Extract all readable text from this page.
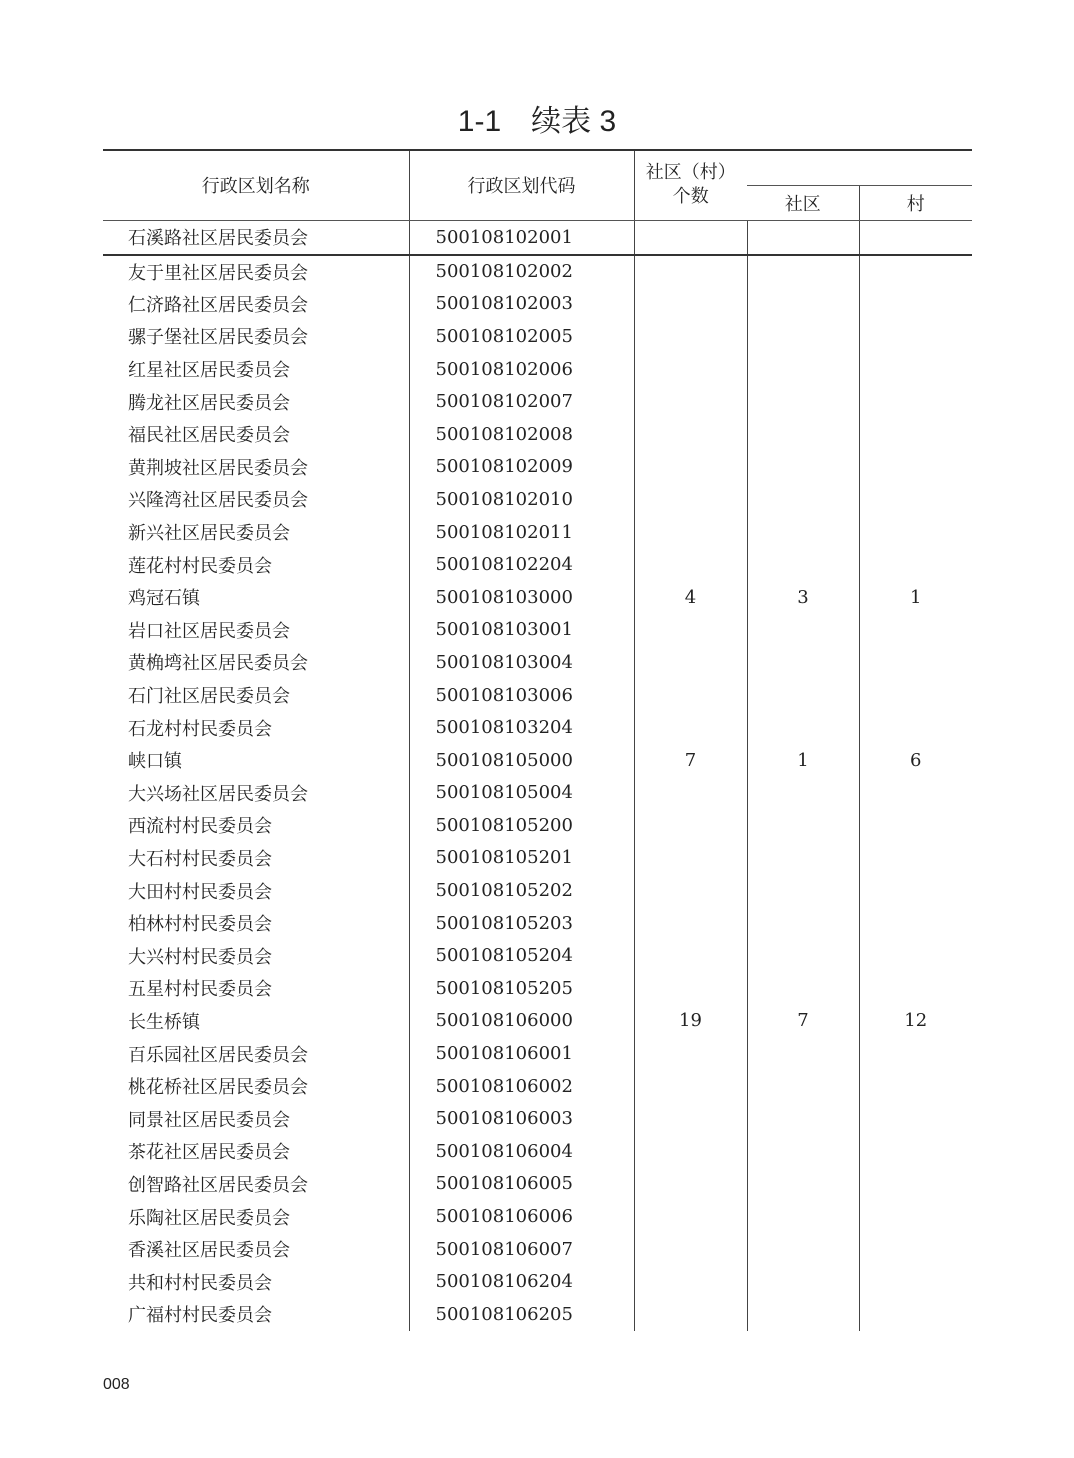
1-1　续表 3
行政区划名称	行政区划代码	社区（村）个数		

			社区	村
石溪路社区居民委员会	500108102001			
友于里社区居民委员会	500108102002			
仁济路社区居民委员会	500108102003			
骡子堡社区居民委员会	500108102005			
红星社区居民委员会	500108102006			
腾龙社区居民委员会	500108102007			
福民社区居民委员会	500108102008			
黄荆坡社区居民委员会	500108102009			
兴隆湾社区居民委员会	500108102010			
新兴社区居民委员会	500108102011			
莲花村村民委员会	500108102204			
鸡冠石镇	500108103000	4	3	1
岩口社区居民委员会	500108103001			
黄桷塆社区居民委员会	500108103004			
石门社区居民委员会	500108103006			
石龙村村民委员会	500108103204			
峡口镇	500108105000	7	1	6
大兴场社区居民委员会	500108105004			
西流村村民委员会	500108105200			
大石村村民委员会	500108105201			
大田村村民委员会	500108105202			
柏林村村民委员会	500108105203			
大兴村村民委员会	500108105204			
五星村村民委员会	500108105205			
长生桥镇	500108106000	19	7	12
百乐园社区居民委员会	500108106001			
桃花桥社区居民委员会	500108106002			
同景社区居民委员会	500108106003			
茶花社区居民委员会	500108106004			
创智路社区居民委员会	500108106005			
乐陶社区居民委员会	500108106006			
香溪社区居民委员会	500108106007			
共和村村民委员会	500108106204			
广福村村民委员会	500108106205			
008
